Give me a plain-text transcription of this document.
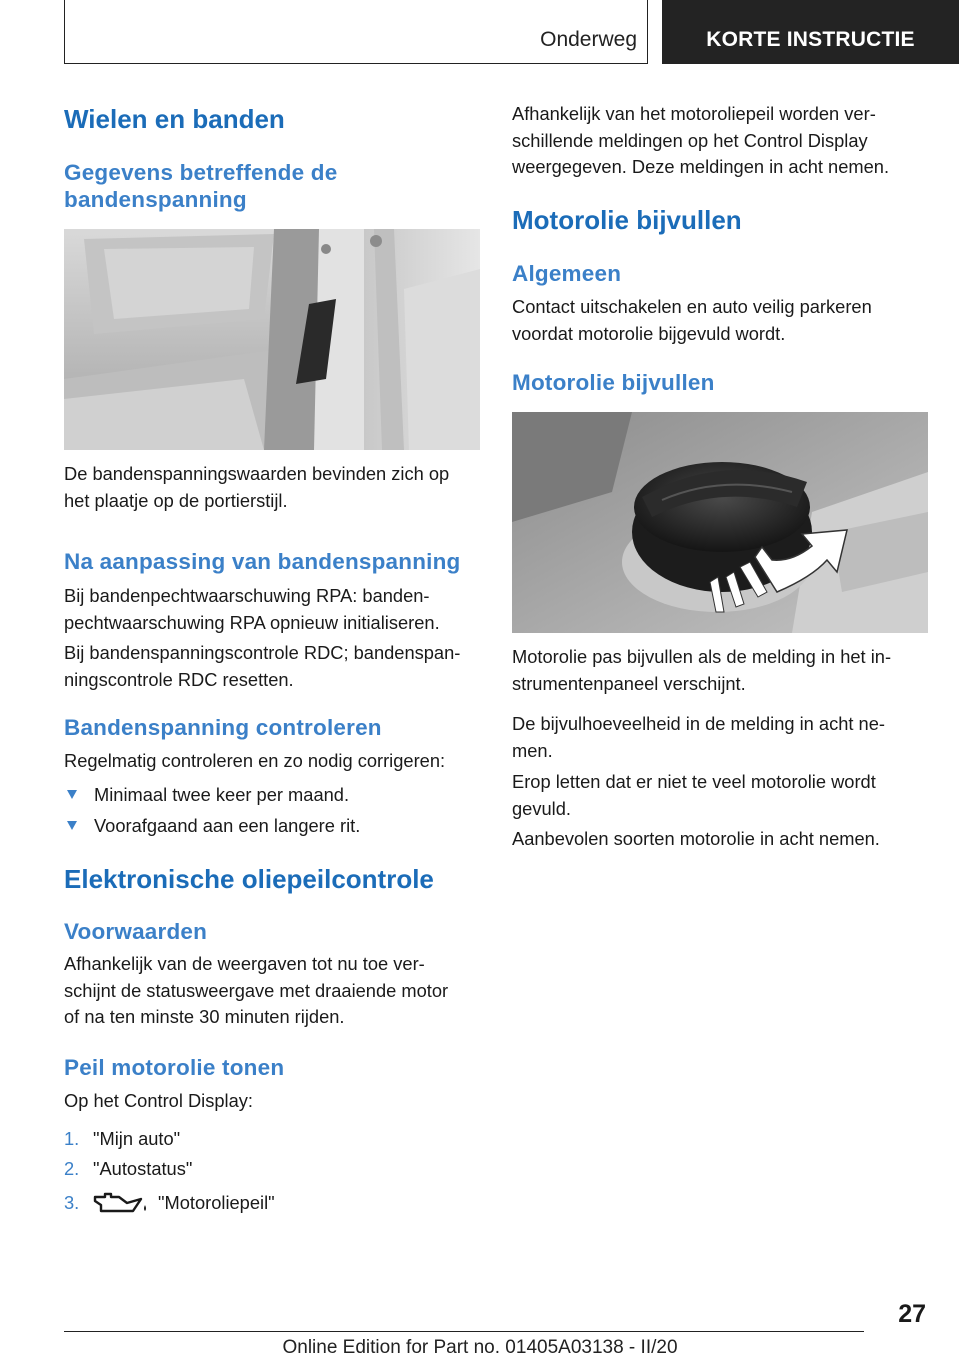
Onderweg	KORTE INSTRUCTIE
Wielen en banden
Gegevens betreffende de
bandenspanning
De bandenspanningswaarden bevinden zich op
het plaatje op de portierstijl.
Na aanpassing van bandenspanning
Bij bandenpechtwaarschuwing RPA: banden-
pechtwaarschuwing RPA opnieuw initialiseren.
Bij bandenspanningscontrole RDC; bandenspan-
ningscontrole RDC resetten.
Bandenspanning controleren
Regelmatig controleren en zo nodig corrigeren:
Minimaal twee keer per maand.
Voorafgaand aan een langere rit.
Elektronische oliepeilcontrole
Voorwaarden
Afhankelijk van de weergaven tot nu toe ver-
schijnt de statusweergave met draaiende motor
of na ten minste 30 minuten rijden.
Peil motorolie tonen
Op het Control Display:
1. "Mijn auto"
2. "Autostatus"
3.	"Motoroliepeil"
Afhankelijk van het motoroliepeil worden ver-
schillende meldingen op het Control Display
weergegeven. Deze meldingen in acht nemen.
Motorolie bijvullen
Algemeen
Contact uitschakelen en auto veilig parkeren
voordat motorolie bijgevuld wordt.
Motorolie bijvullen
Motorolie pas bijvullen als de melding in het in-
strumentenpaneel verschijnt.
De bijvulhoeveelheid in de melding in acht ne-
men.
Erop letten dat er niet te veel motorolie wordt
gevuld.
Aanbevolen soorten motorolie in acht nemen.
27
Online Edition for Part no. 01405A03138 - II/20
